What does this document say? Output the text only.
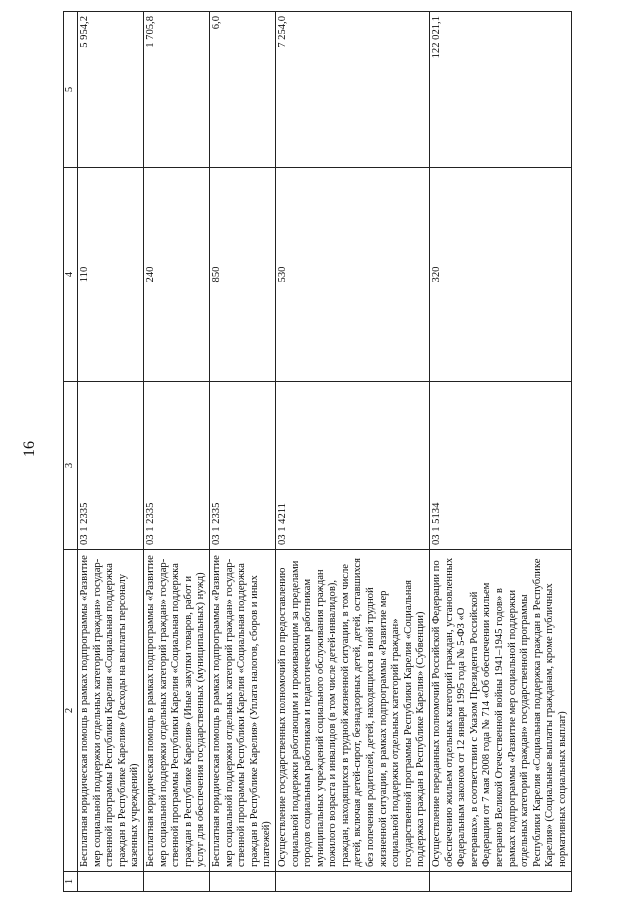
16
1	2	3	4	5
	Бесплатная юридическая помощь в рамках подпрограммы «Развитие мер социальной поддержки отдельных категорий граждан» государственной программы Республики Карелия «Социальная поддержка граждан в Республике Карелия» (Расходы на выплаты персоналу казенных учреждений)	03 1 2335	110	5 954,2
	Бесплатная юридическая помощь в рамках подпрограммы «Развитие мер социальной поддержки отдельных категорий граждан» государственной программы Республики Карелия «Социальная поддержка граждан в Республике Карелия» (Иные закупки товаров, работ и услуг для обеспечения государственных (муниципальных) нужд)	03 1 2335	240	1 705,8
	Бесплатная юридическая помощь в рамках подпрограммы «Развитие мер социальной поддержки отдельных категорий граждан» государственной программы Республики Карелия «Социальная поддержка граждан в Республике Карелия» (Уплата налогов, сборов и иных платежей)	03 1 2335	850	6,0
	Осуществление государственных полномочий по предоставлению социальной поддержки работающим и проживающим за пределами городов социальным работникам и педагогическим работникам муниципальных учреждений социального обслуживания граждан пожилого возраста и инвалидов (в том числе детей-инвалидов), граждан, находящихся в трудной жизненной ситуации, в том числе детей, включая детей-сирот, безнадзорных детей, детей, оставшихся без попечения родителей, детей, находящихся в иной трудной жизненной ситуации, в рамках подпрограммы «Развитие мер социальной поддержки отдельных категорий граждан» государственной программы Республики Карелия «Социальная поддержка граждан в Республике Карелия» (Субвенции)	03 1 4211	530	7 254,0
	Осуществление переданных полномочий Российской Федерации по обеспечению жильем отдельных категорий граждан, установленных Федеральным законом от 12 января 1995 года № 5-ФЗ «О ветеранах», в соответствии с Указом Президента Российской Федерации от 7 мая 2008 года № 714 «Об обеспечении жильем ветеранов Великой Отечественной войны 1941–1945 годов» в рамках подпрограммы «Развитие мер социальной поддержки отдельных категорий граждан» государственной программы Республики Карелия «Социальная поддержка граждан в Республике Карелия» (Социальные выплаты гражданам, кроме публичных нормативных социальных выплат)	03 1 5134	320	122 021,1
